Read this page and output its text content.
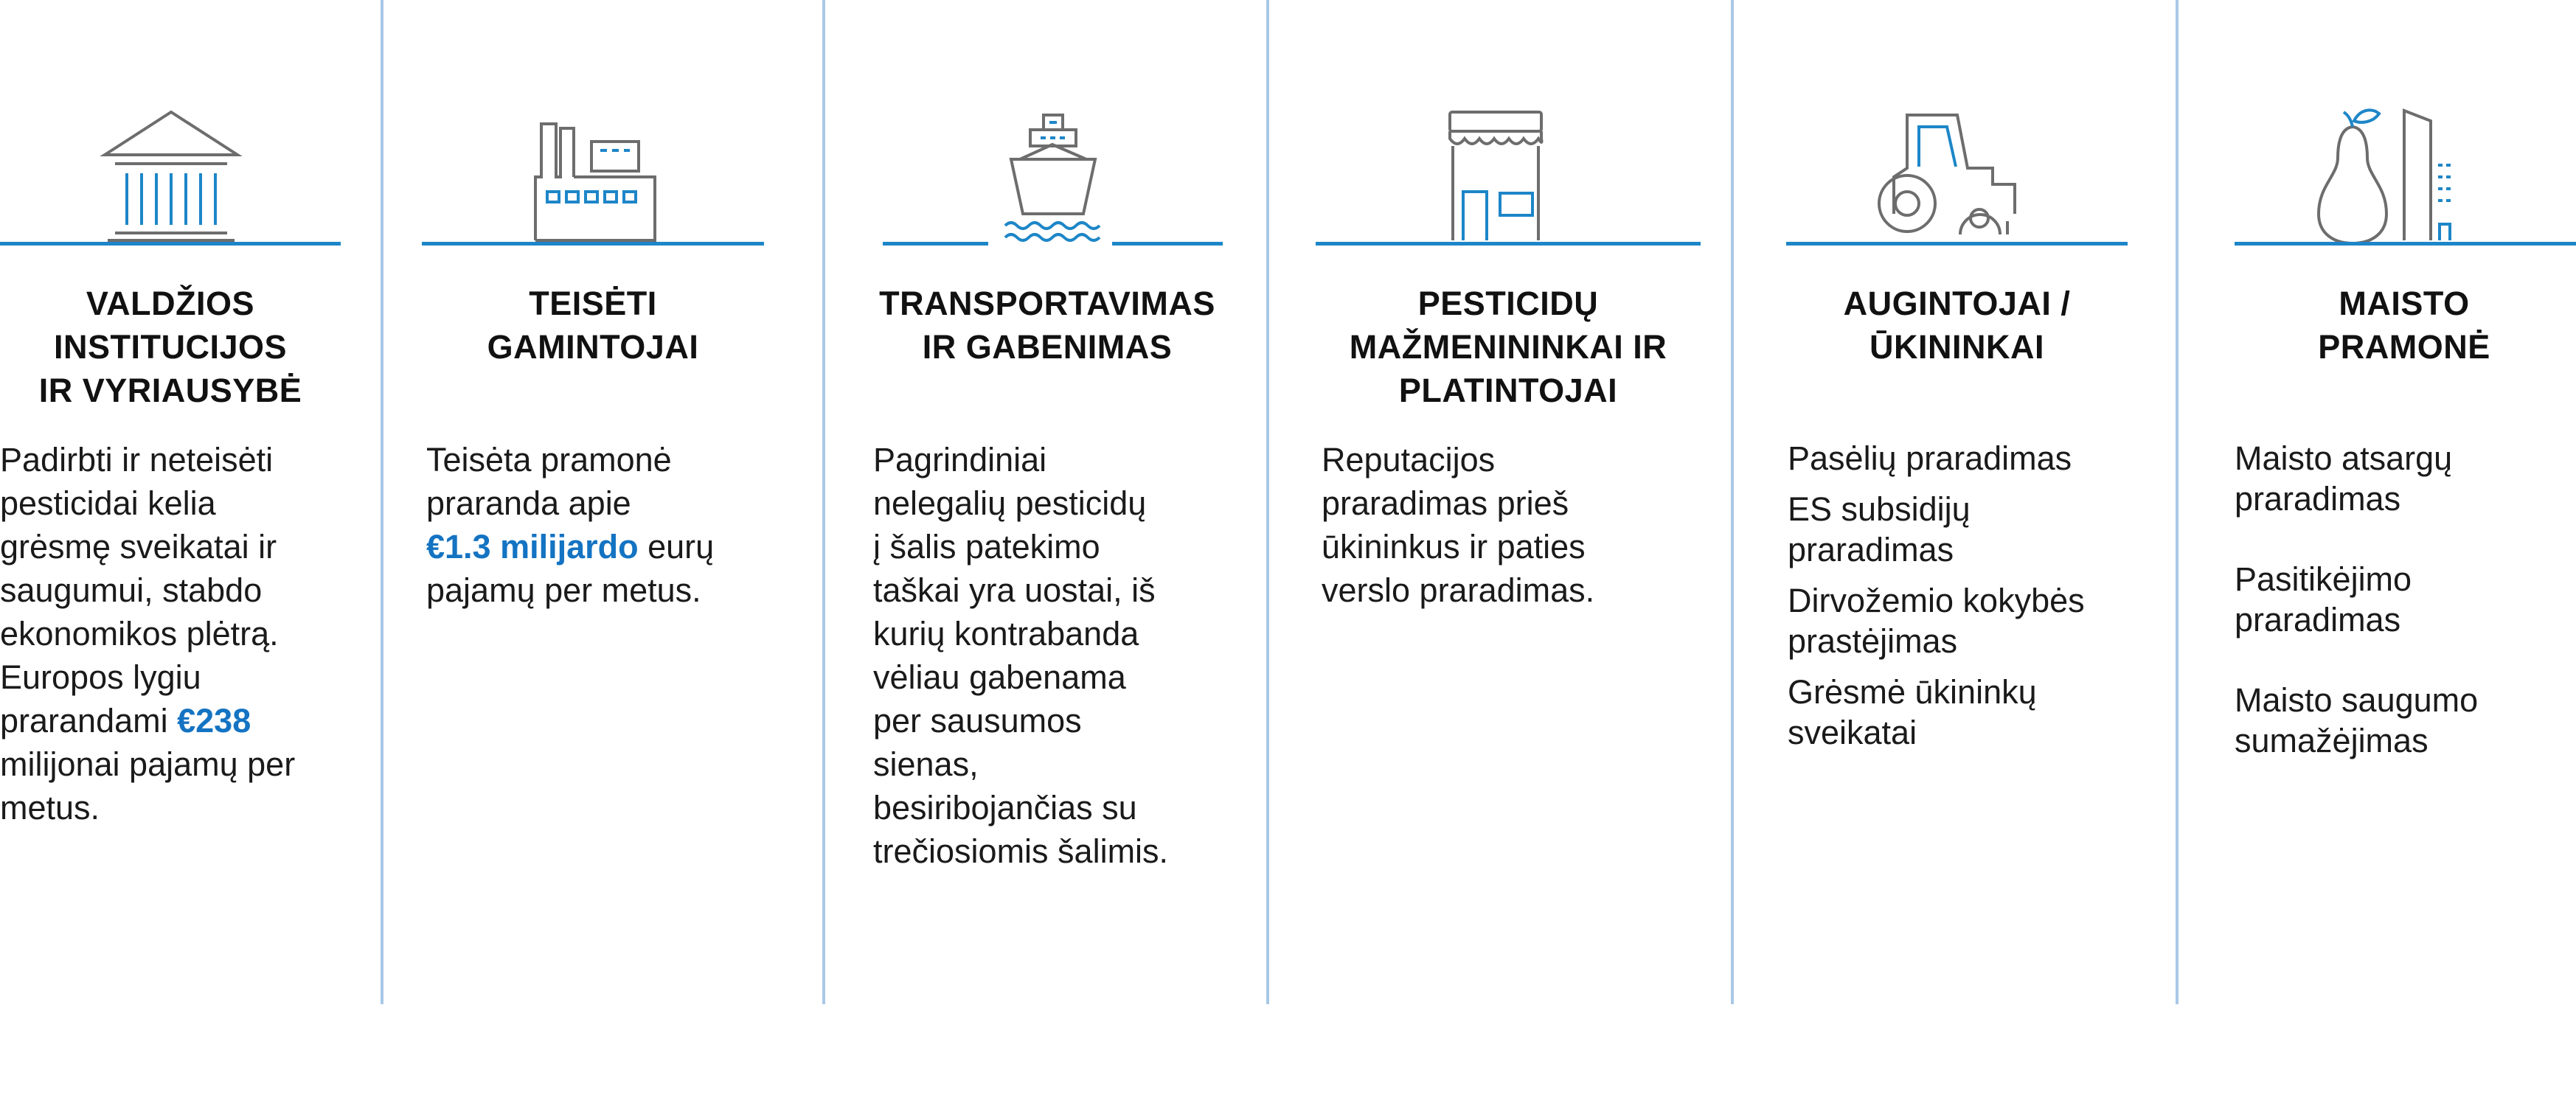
VALDŽIOS
INSTITUCIJOS
IR VYRIAUSYBĖ
Padirbti ir neteisėti
pesticidai kelia
grėsmę sveikatai ir
saugumui, stabdo
ekonomikos plėtrą.
Europos lygiu
prarandami €238
milijonai pajamų per
metus.
TEISĖTI
GAMINTOJAI
Teisėta pramonė
praranda apie
€1.3 milijardo eurų
pajamų per metus.
TRANSPORTAVIMAS
IR GABENIMAS
Pagrindiniai
nelegalių pesticidų
į šalis patekimo
taškai yra uostai, iš
kurių kontrabanda
vėliau gabenama
per sausumos
sienas,
besiribojančias su
trečiosiomis šalimis.
PESTICIDŲ
MAŽMENININKAI IR
PLATINTOJAI
Reputacijos
praradimas prieš
ūkininkus ir paties
verslo praradimas.
AUGINTOJAI /
ŪKININKAI
Pasėlių praradimas
ES subsidijų
praradimas
Dirvožemio kokybės
prastėjimas
Grėsmė ūkininkų
sveikatai
MAISTO
PRAMONĖ
Maisto atsargų
praradimas
Pasitikėjimo
praradimas
Maisto saugumo
sumažėjimas
